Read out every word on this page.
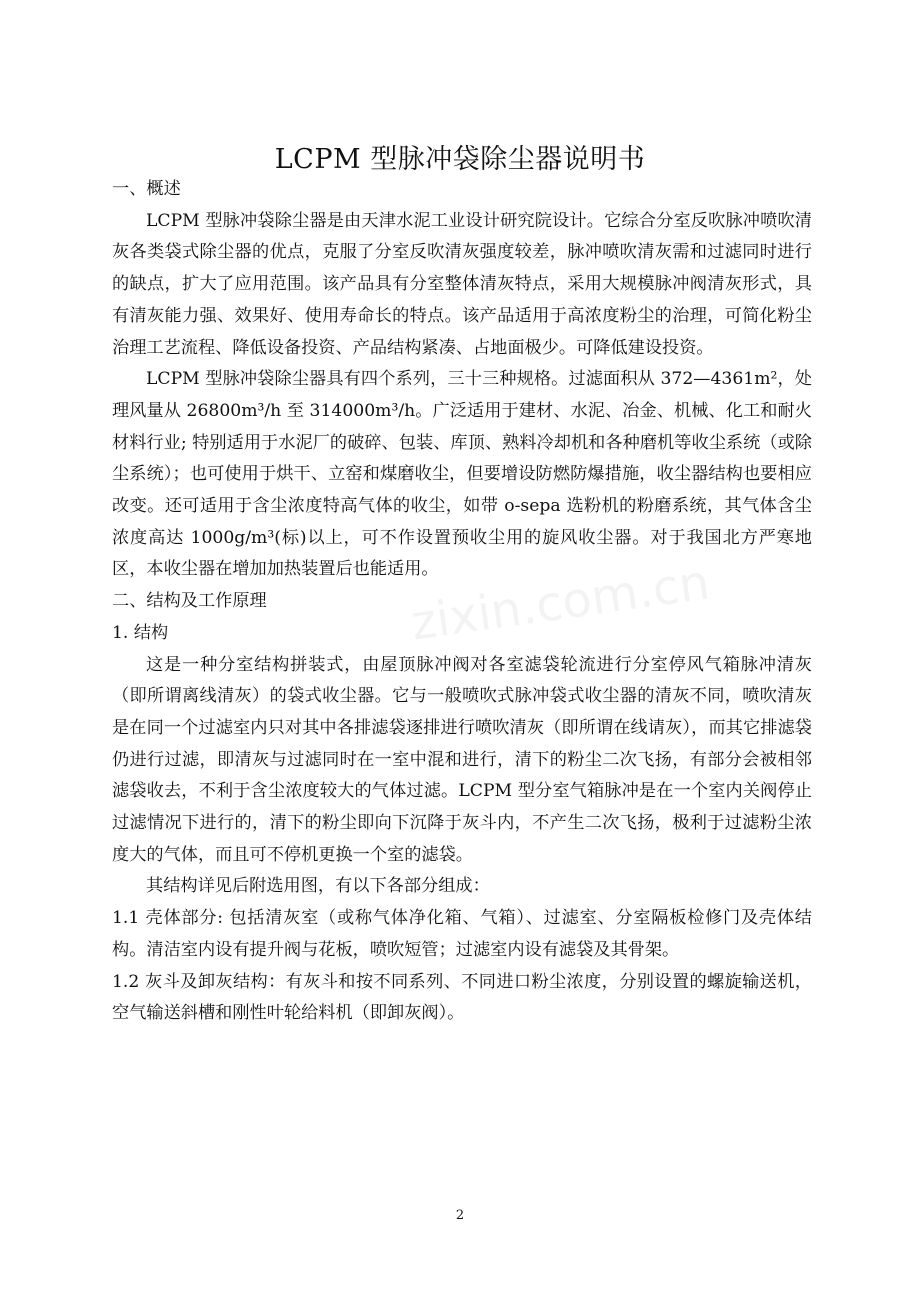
LCPM 型脉冲袋除尘器说明书

一、概述

LCPM 型脉冲袋除尘器是由天津水泥工业设计研究院设计。它综合分室反吹脉冲喷吹清灰各类袋式除尘器的优点，克服了分室反吹清灰强度较差，脉冲喷吹清灰需和过滤同时进行的缺点，扩大了应用范围。该产品具有分室整体清灰特点，采用大规模脉冲阀清灰形式，具有清灰能力强、效果好、使用寿命长的特点。该产品适用于高浓度粉尘的治理，可简化粉尘治理工艺流程、降低设备投资、产品结构紧凑、占地面极少。可降低建设投资。

LCPM 型脉冲袋除尘器具有四个系列，三十三种规格。过滤面积从 372—4361m²，处理风量从 26800m³/h 至 314000m³/h。广泛适用于建材、水泥、冶金、机械、化工和耐火材料行业; 特别适用于水泥厂的破碎、包装、库顶、熟料冷却机和各种磨机等收尘系统（或除尘系统）；也可使用于烘干、立窑和煤磨收尘，但要增设防燃防爆措施，收尘器结构也要相应改变。还可适用于含尘浓度特高气体的收尘，如带 o-sepa 选粉机的粉磨系统，其气体含尘浓度高达 1000g/m³(标)以上，可不作设置预收尘用的旋风收尘器。对于我国北方严寒地区，本收尘器在增加加热装置后也能适用。

二、结构及工作原理

1. 结构

这是一种分室结构拼装式，由屋顶脉冲阀对各室滤袋轮流进行分室停风气箱脉冲清灰（即所谓离线清灰）的袋式收尘器。它与一般喷吹式脉冲袋式收尘器的清灰不同，喷吹清灰是在同一个过滤室内只对其中各排滤袋逐排进行喷吹清灰（即所谓在线请灰），而其它排滤袋仍进行过滤，即清灰与过滤同时在一室中混和进行，清下的粉尘二次飞扬，有部分会被相邻滤袋收去，不利于含尘浓度较大的气体过滤。LCPM 型分室气箱脉冲是在一个室内关阀停止过滤情况下进行的，清下的粉尘即向下沉降于灰斗内，不产生二次飞扬，极利于过滤粉尘浓度大的气体，而且可不停机更换一个室的滤袋。

其结构详见后附选用图，有以下各部分组成：

1.1 壳体部分: 包括清灰室（或称气体净化箱、气箱）、过滤室、分室隔板检修门及壳体结构。清洁室内设有提升阀与花板，喷吹短管；过滤室内设有滤袋及其骨架。

1.2 灰斗及卸灰结构：有灰斗和按不同系列、不同进口粉尘浓度，分别设置的螺旋输送机，空气输送斜槽和刚性叶轮给料机（即卸灰阀）。

zixin.com.cn
2
